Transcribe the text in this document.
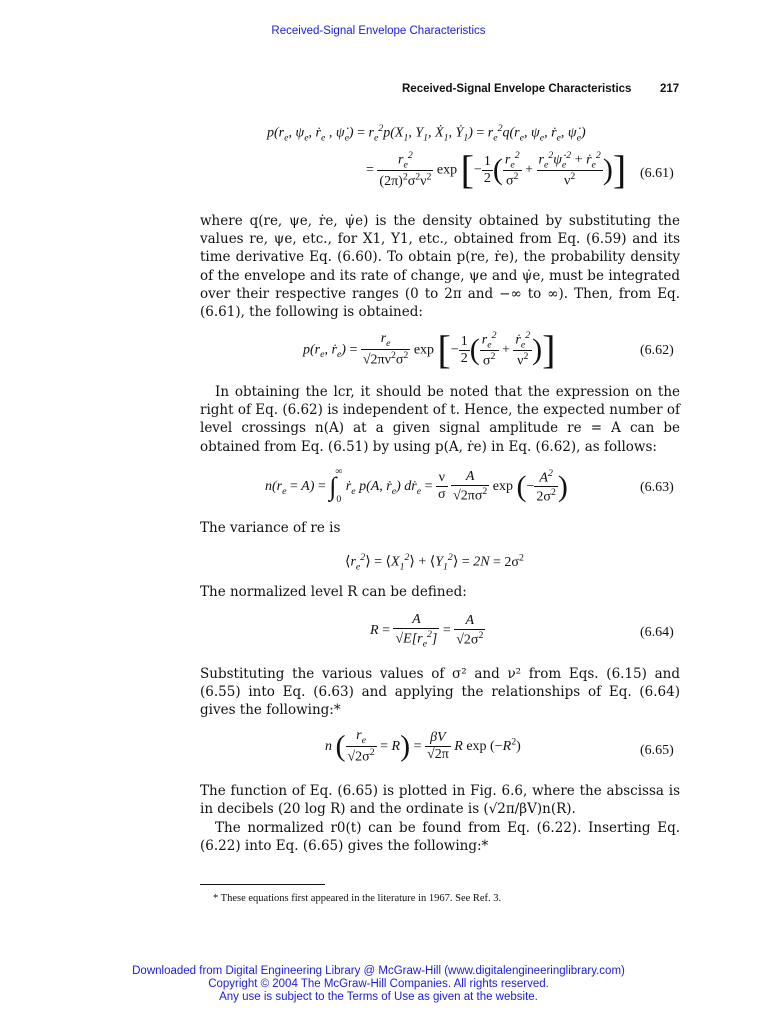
Received-Signal Envelope Characteristics
Received-Signal Envelope Characteristics 217
$p(r_e$, $\psi_e$, ṙ$_e$ , $\psi̇_e) = r_e^2p(X_1$, $Y_1$, Ẋ$_1$, Ẏ$_1$) = $r_e^2q(r_e$, $\psi_e$, ṙ$_e$, $\psi̇_e$)
= $\frac{r_e^2}{(2\pi)^2\sigma^2\nu^2}$ exp [− $\frac{1}{2}$ ( $\frac{r_e^2}{\sigma^2} + \frac{r_e^2\psi̇_e^2 + ṙ_e^2}{\nu^2}$ )] (6.61)

where q(re, ψe, ṙe, ψ̇e) is the density obtained by substituting the values re, ψe, etc., for X1, Y1, etc., obtained from Eq. (6.59) and its time derivative Eq. (6.60). To obtain p(re, ṙe), the probability density of the envelope and its rate of change, ψe and ψ̇e, must be integrated over their respective ranges (0 to 2π and −∞ to ∞). Then, from Eq. (6.61), the following is obtained:

$p(r_e$, ṙ$_e$) = $\frac{r_e}{√2\pi\nu^2\sigma^2}$ exp [− $\frac{1}{2}$ ( $\frac{r_e^2}{\sigma^2} + \frac{ṙ_e^2}{\nu^2}$ )]	(6.62)

In obtaining the lcr, it should be noted that the expression on the right of Eq. (6.62) is independent of t. Hence, the expected number of level crossings n(A) at a given signal amplitude re = A can be obtained from Eq. (6.51) by using p(A, ṙe) in Eq. (6.62), as follows:

$n(r_e = A) = \int_0^\infty$ ṙ$_e$ p(A, ṙ$_e$) dṙ$_e$ = $\frac{\nu}{\sigma}$
$\frac{A}{√2\pi\sigma^2}$ exp (− $\frac{A^2}{2\sigma^2}$ )	(6.63)

The variance of re is

$⟨r_e^2⟩$ = $⟨X_1^2⟩$ + $⟨Y_1^2⟩ = 2N = 2\sigma^2$

The normalized level R can be defined:

$R = \frac{A}{√E[r_e^2]} = \frac{A}{√2\sigma^2}$	(6.64)

Substituting the various values of σ² and ν² from Eqs. (6.15) and (6.55) into Eq. (6.63) and applying the relationships of Eq. (6.64) gives the following:*

n ( $\frac{r_e}{√2\sigma^2} = R) = \frac{\beta V}{√2\pi}$ R $\exp (-R^2)$	(6.65)

The function of Eq. (6.65) is plotted in Fig. 6.6, where the abscissa is in decibels (20 log R) and the ordinate is (√2π/βV)n(R).

The normalized r0(t) can be found from Eq. (6.22). Inserting Eq. (6.22) into Eq. (6.65) gives the following:*

* These equations first appeared in the literature in 1967. See Ref. 3.
Downloaded from Digital Engineering Library @ McGraw-Hill (www.digitalengineeringlibrary.com)
Copyright © 2004 The McGraw-Hill Companies. All rights reserved.
Any use is subject to the Terms of Use as given at the website.
